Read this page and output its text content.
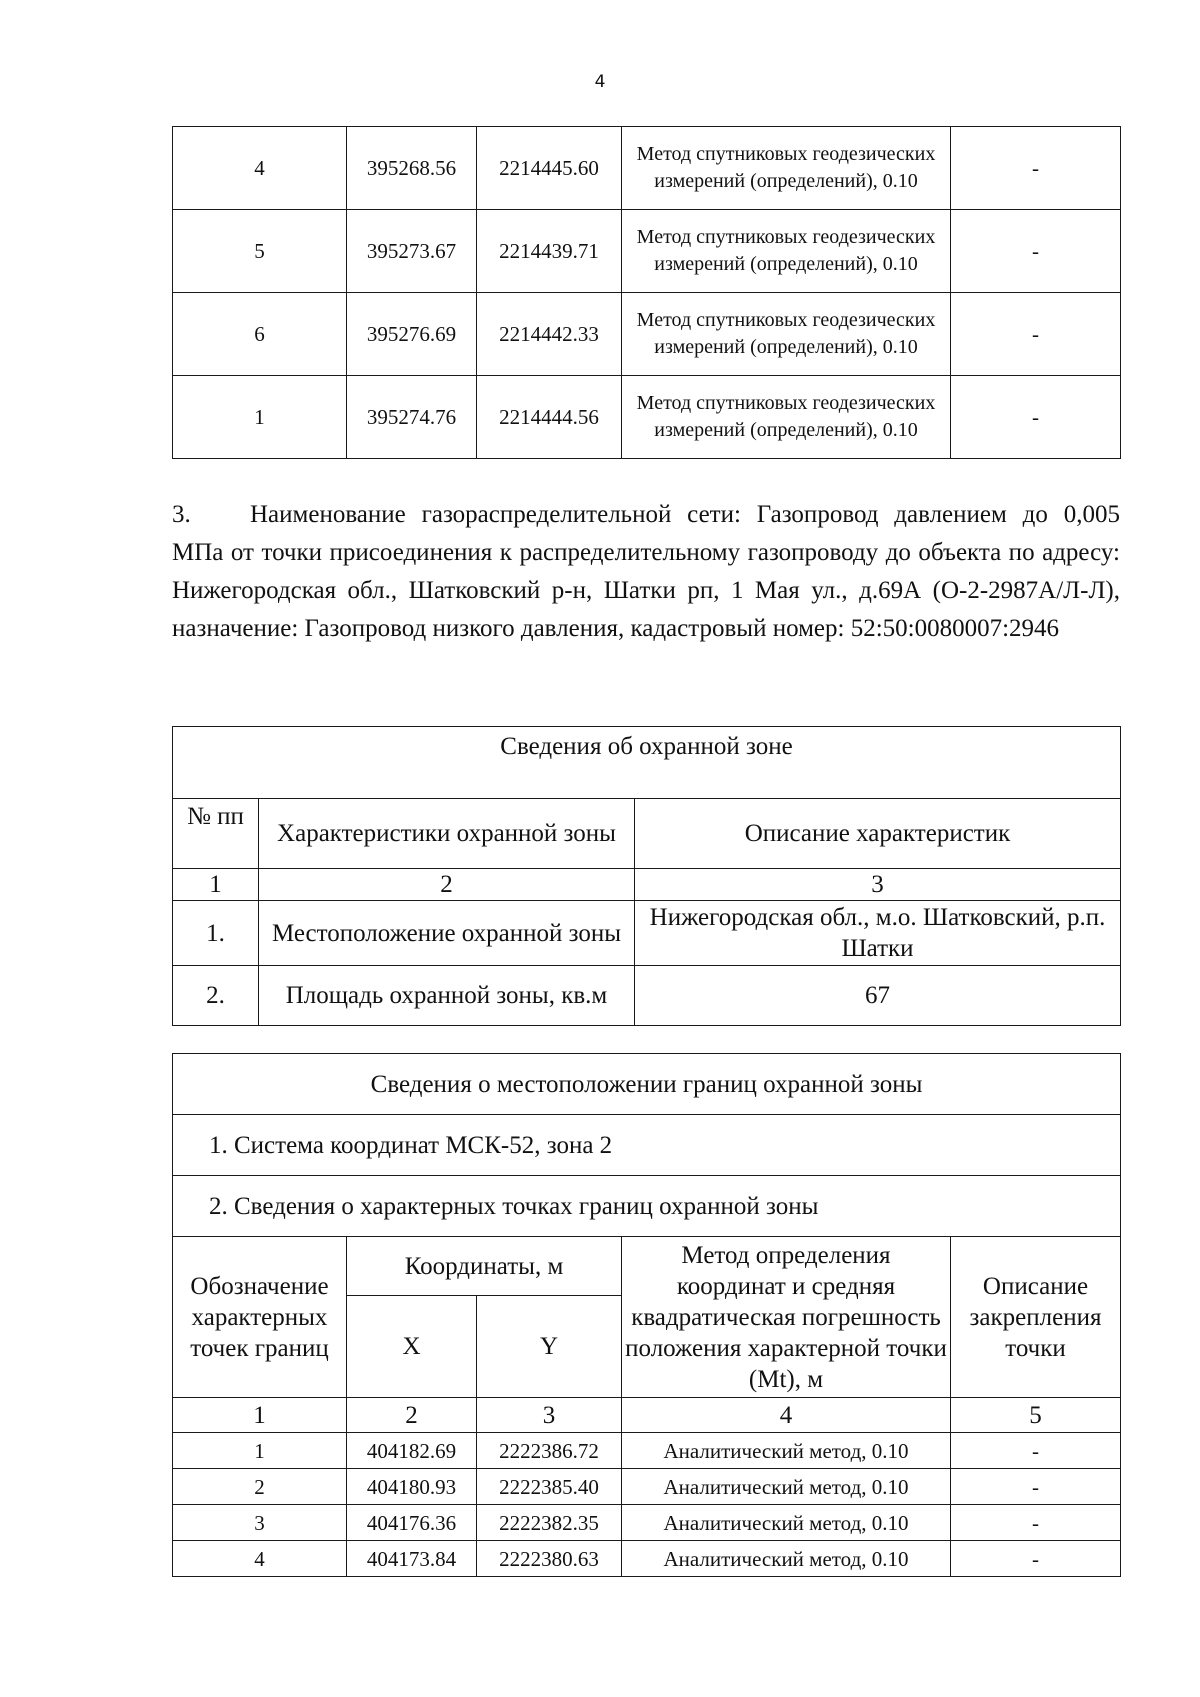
4
4	395268.56	2214445.60	Метод спутниковых геодезических измерений (определений), 0.10	-
5	395273.67	2214439.71	Метод спутниковых геодезических измерений (определений), 0.10	-
6	395276.69	2214442.33	Метод спутниковых геодезических измерений (определений), 0.10	-
1	395274.76	2214444.56	Метод спутниковых геодезических измерений (определений), 0.10	-
3. Наименование газораспределительной сети: Газопровод давлением до 0,005 МПа от точки присоединения к распределительному газопроводу до объекта по адресу: Нижегородская обл., Шатковский р-н, Шатки рп, 1 Мая ул., д.69А (О-2-2987А/Л-Л), назначение: Газопровод низкого давления, кадастровый номер: 52:50:0080007:2946
Сведения об охранной зоне		
№ пп	Характеристики охранной зоны	Описание характеристик
1	2	3
1.	Местоположение охранной зоны	Нижегородская обл., м.о. Шатковский, р.п. Шатки
2.	Площадь охранной зоны, кв.м	67
Сведения о местоположении границ охранной зоны				
1. Система координат МСК-52, зона 2				
2. Сведения о характерных точках границ охранной зоны				
Обозначение характерных точек границ	Координаты, м		Метод определения координат и средняя квадратическая погрешность положения характерной точки (Mt), м	Описание закрепления точки
	X	Y		
1	2	3	4	5
1	404182.69	2222386.72	Аналитический метод, 0.10	-
2	404180.93	2222385.40	Аналитический метод, 0.10	-
3	404176.36	2222382.35	Аналитический метод, 0.10	-
4	404173.84	2222380.63	Аналитический метод, 0.10	-
